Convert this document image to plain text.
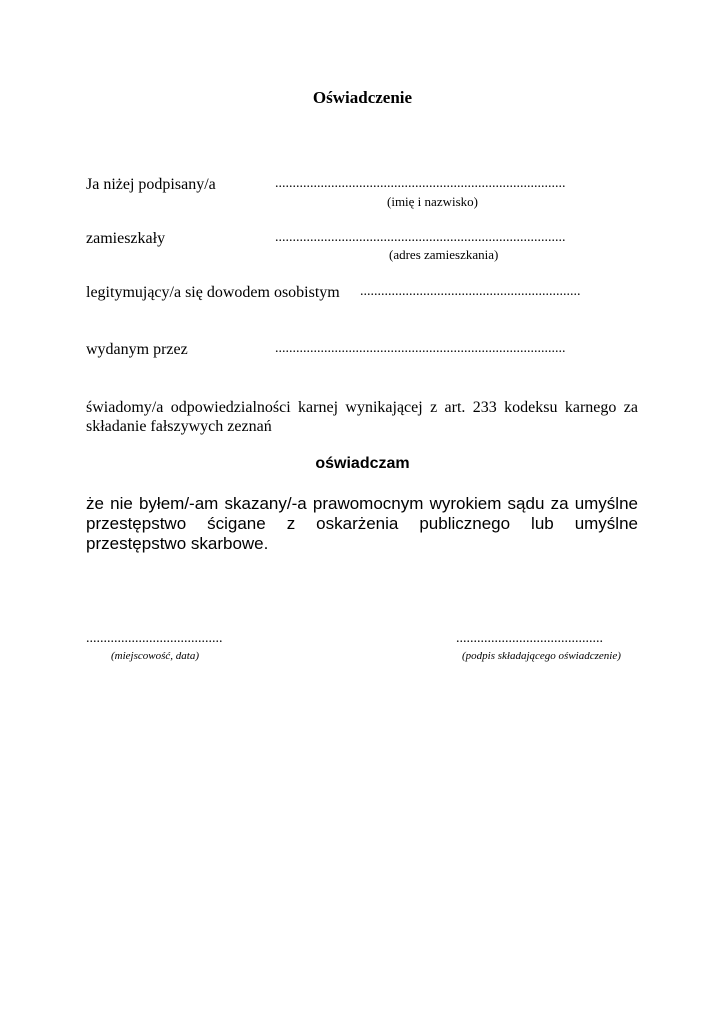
Oświadczenie
Ja niżej podpisany/a	...................................................................................
(imię i nazwisko)
zamieszkały	...................................................................................
(adres zamieszkania)
legitymujący/a się dowodem osobistym ...............................................................
wydanym przez	...................................................................................
świadomy/a odpowiedzialności karnej wynikającej z art. 233 kodeksu karnego za składanie fałszywych zeznań
oświadczam
że nie byłem/-am skazany/-a prawomocnym wyrokiem sądu za umyślne przestępstwo ścigane z oskarżenia publicznego lub umyślne przestępstwo skarbowe.
.......................................
(miejscowość, data)
..........................................
(podpis składającego oświadczenie)
